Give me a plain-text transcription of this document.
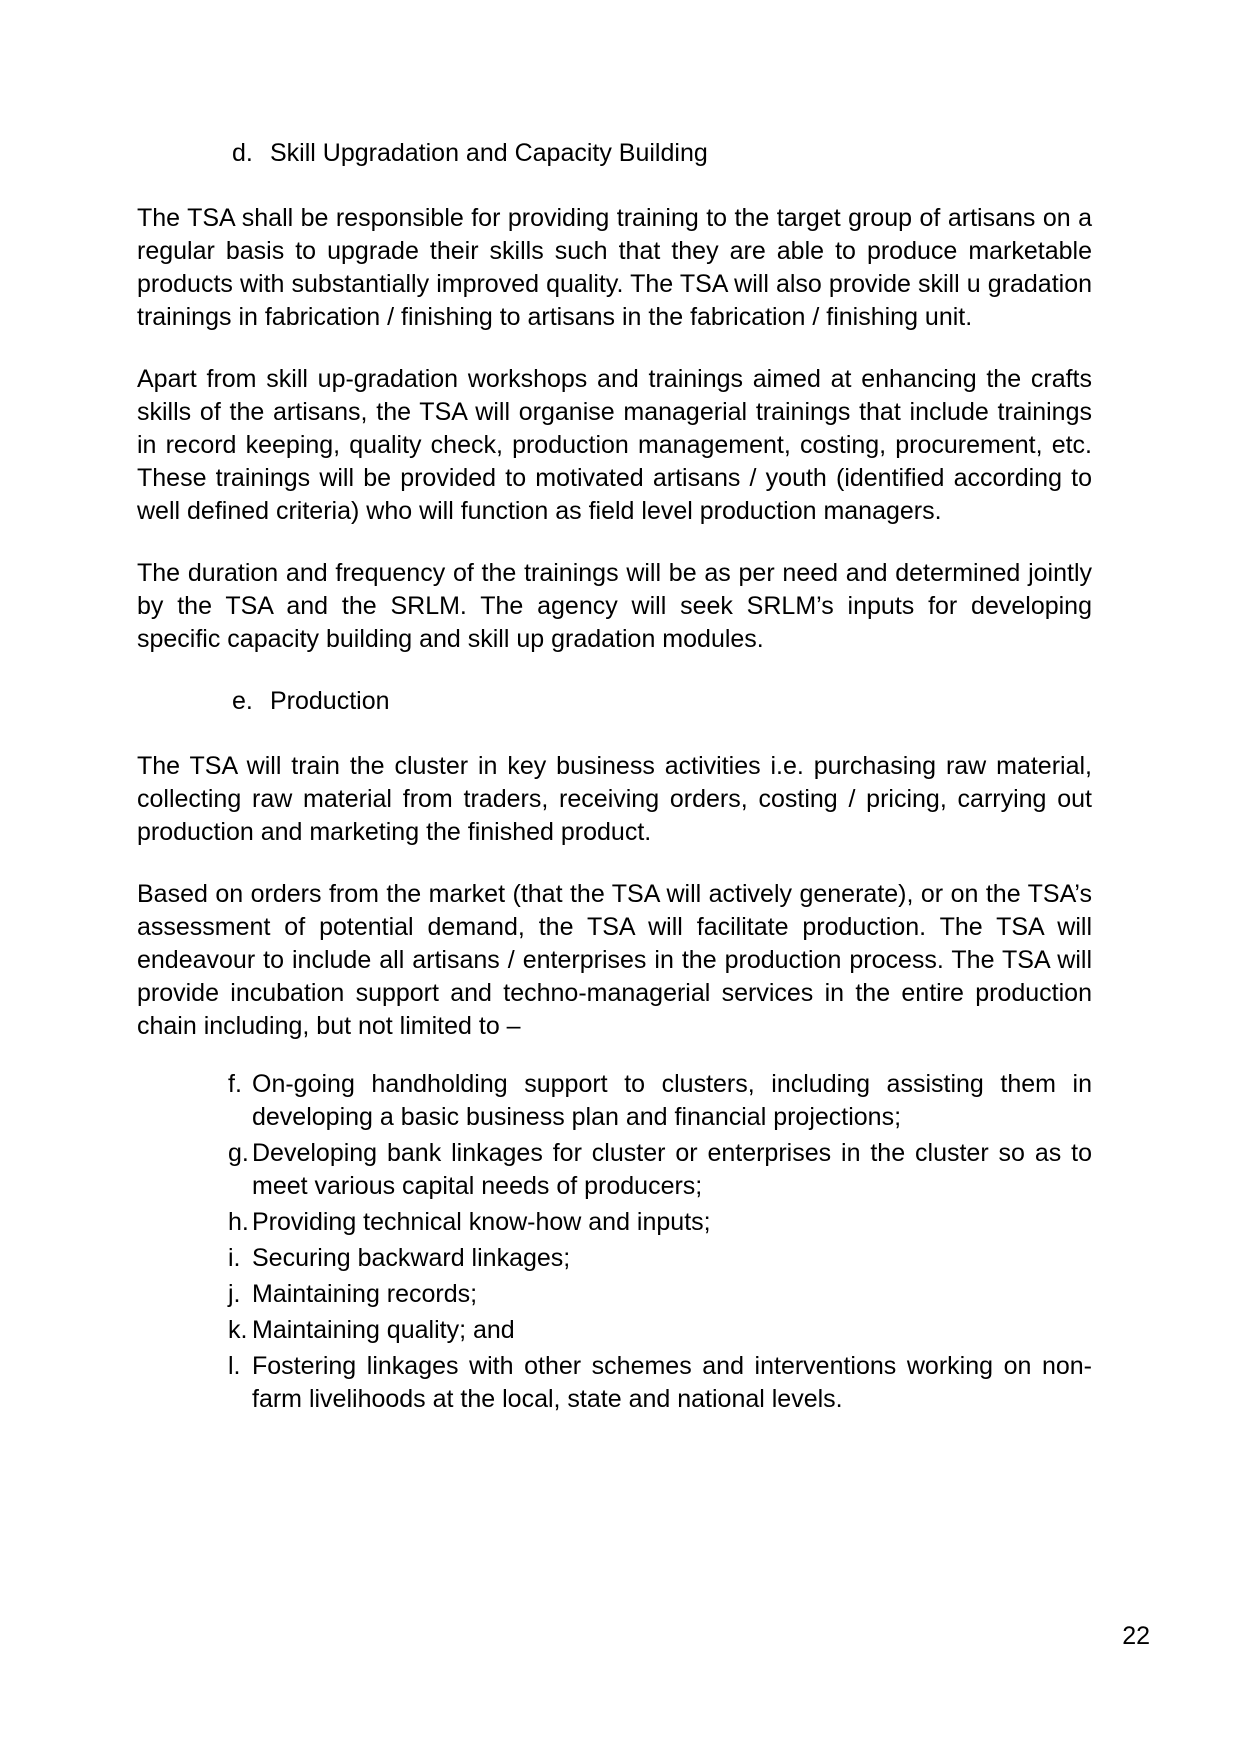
d. Skill Upgradation and Capacity Building

The TSA shall be responsible for providing training to the target group of artisans on a regular basis to upgrade their skills such that they are able to produce marketable products with substantially improved quality. The TSA will also provide skill u gradation trainings in fabrication / finishing to artisans in the fabrication / finishing unit.

Apart from skill up-gradation workshops and trainings aimed at enhancing the crafts skills of the artisans, the TSA will organise managerial trainings that include trainings in record keeping, quality check, production management, costing, procurement, etc. These trainings will be provided to motivated artisans / youth (identified according to well defined criteria) who will function as field level production managers.

The duration and frequency of the trainings will be as per need and determined jointly by the TSA and the SRLM. The agency will seek SRLM’s inputs for developing specific capacity building and skill up gradation modules.

e. Production

The TSA will train the cluster in key business activities i.e. purchasing raw material, collecting raw material from traders, receiving orders, costing / pricing, carrying out production and marketing the finished product.

Based on orders from the market (that the TSA will actively generate), or on the TSA’s assessment of potential demand, the TSA will facilitate production. The TSA will endeavour to include all artisans / enterprises in the production process. The TSA will provide incubation support and techno-managerial services in the entire production chain including, but not limited to –

f. On-going handholding support to clusters, including assisting them in developing a basic business plan and financial projections;
g. Developing bank linkages for cluster or enterprises in the cluster so as to meet various capital needs of producers;
h. Providing technical know-how and inputs;
i. Securing backward linkages;
j. Maintaining records;
k. Maintaining quality; and
l. Fostering linkages with other schemes and interventions working on non-farm livelihoods at the local, state and national levels.
22
